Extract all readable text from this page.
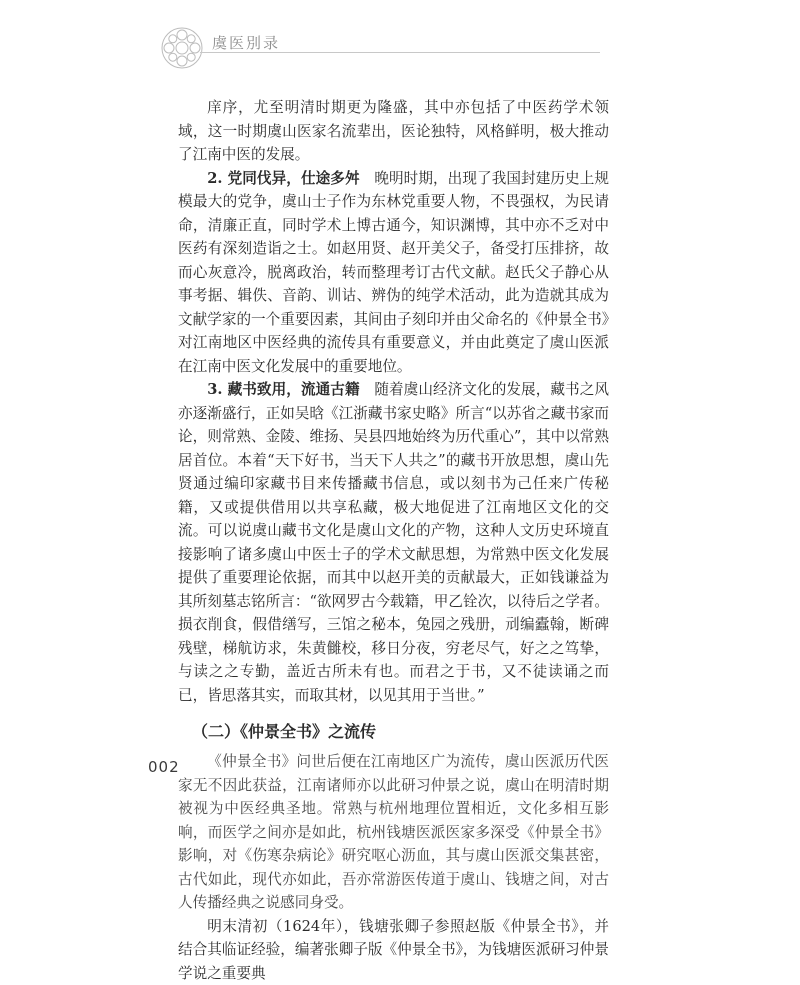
虞医別录

庠序，尤至明清时期更为隆盛，其中亦包括了中医药学术领域，这一时期虞山医家名流辈出，医论独特，风格鲜明，极大推动了江南中医的发展。

2. 党同伐异，仕途多舛　晚明时期，出现了我国封建历史上规模最大的党争，虞山士子作为东林党重要人物，不畏强权，为民请命，清廉正直，同时学术上博古通今，知识渊博，其中亦不乏对中医药有深刻造诣之士。如赵用贤、赵开美父子，备受打压排挤，故而心灰意冷，脱离政治，转而整理考订古代文献。赵氏父子静心从事考据、辑佚、音韵、训诂、辨伪的纯学术活动，此为造就其成为文献学家的一个重要因素，其间由子刻印并由父命名的《仲景全书》对江南地区中医经典的流传具有重要意义，并由此奠定了虞山医派在江南中医文化发展中的重要地位。

3. 藏书致用，流通古籍　随着虞山经济文化的发展，藏书之风亦逐渐盛行，正如吴晗《江浙藏书家史略》所言“以苏省之藏书家而论，则常熟、金陵、维扬、吴县四地始终为历代重心”，其中以常熟居首位。本着“天下好书，当天下人共之”的藏书开放思想，虞山先贤通过编印家藏书目来传播藏书信息，或以刻书为己任来广传秘籍，又或提供借用以共享私藏，极大地促进了江南地区文化的交流。可以说虞山藏书文化是虞山文化的产物，这种人文历史环境直接影响了诸多虞山中医士子的学术文献思想，为常熟中医文化发展提供了重要理论依据，而其中以赵开美的贡献最大，正如钱谦益为其所刻墓志铭所言：“欲网罗古今载籍，甲乙铨次，以待后之学者。损衣削食，假借缮写，三馆之秘本，兔园之残册，刓编蠹翰，断碑残壁，梯航访求，朱黄雠校，移日分夜，穷老尽气，好之之笃挚，与读之之专勤，盖近古所未有也。而君之于书，又不徒读诵之而已，皆思落其实，而取其材，以见其用于当世。”

（二）《仲景全书》之流传

《仲景全书》问世后便在江南地区广为流传，虞山医派历代医家无不因此获益，江南诸师亦以此研习仲景之说，虞山在明清时期被视为中医经典圣地。常熟与杭州地理位置相近，文化多相互影响，而医学之间亦是如此，杭州钱塘医派医家多深受《仲景全书》影响，对《伤寒杂病论》研究呕心沥血，其与虞山医派交集甚密，古代如此，现代亦如此，吾亦常游医传道于虞山、钱塘之间，对古人传播经典之说感同身受。

明末清初（1624年），钱塘张卿子参照赵版《仲景全书》，并结合其临证经验，编著张卿子版《仲景全书》，为钱塘医派研习仲景学说之重要典

002
